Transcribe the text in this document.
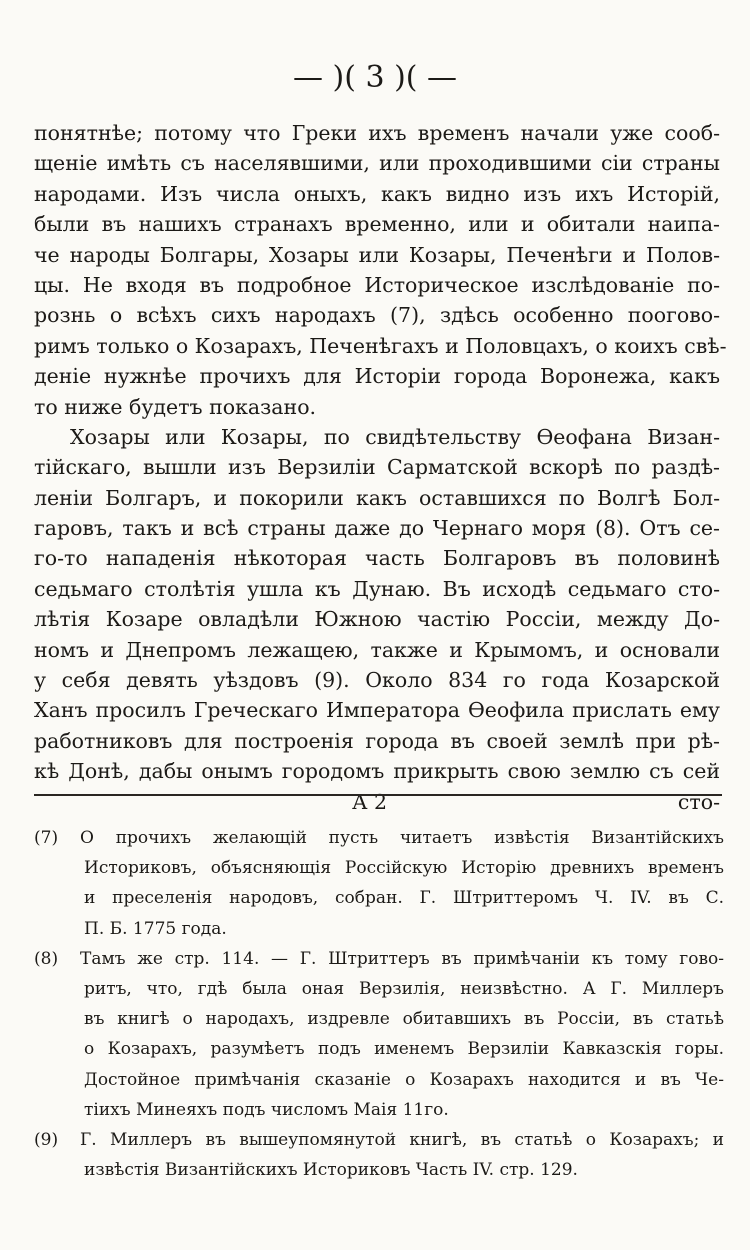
— )( 3 )( —
понятнѣе; потому что Греки ихъ временъ начали уже сооб-
щенiе имѣть съ населявшими, или проходившими сiи страны
народами. Изъ числа оныхъ, какъ видно изъ ихъ Исторiй,
были въ нашихъ странахъ временно, или и обитали наипа-
че народы Болгары, Хозары или Козары, Печенѣги и Полов-
цы. Не входя въ подробное Историческое изслѣдованiе по-
рознь о всѣхъ сихъ народахъ (7), здѣсь особенно поогово-
римъ только о Козарахъ, Печенѣгахъ и Половцахъ, о коихъ свѣ-
денiе нужнѣе прочихъ для Исторiи города Воронежа, какъ
то ниже будетъ показано.
Хозары или Козары, по свидѣтельству Ѳеофана Визан-
тiйскаго, вышли изъ Верзилiи Сарматской вскорѣ по раздѣ-
ленiи Болгаръ, и покорили какъ оставшихся по Волгѣ Бол-
гаровъ, такъ и всѣ страны даже до Чернаго моря (8). Отъ се-
го-то нападенiя нѣкоторая часть Болгаровъ въ половинѣ
седьмаго столѣтiя ушла къ Дунаю. Въ исходѣ седьмаго сто-
лѣтiя Козаре овладѣли Южною частiю Россiи, между До-
номъ и Днепромъ лежащею, также и Крымомъ, и основали
у себя девять уѣздовъ (9). Около 834 го года Козарской
Ханъ просилъ Греческаго Императора Ѳеофила прислать ему
работниковъ для построенiя города въ своей землѣ при рѣ-
кѣ Донѣ, дабы онымъ городомъ прикрыть свою землю съ сей
А 2	сто-
(7) О прочихъ желающiй пусть читаетъ извѣстiя Византiйскихъ
Историковъ, объясняющiя Россiйскую Исторiю древнихъ временъ
и преселенiя народовъ, собран. Г. Штриттеромъ Ч. IV. въ С.
П. Б. 1775 года.
(8) Тамъ же стр. 114. — Г. Штриттеръ въ примѣчанiи къ тому гово-
ритъ, что, гдѣ была оная Верзилiя, неизвѣстно. А Г. Миллеръ
въ книгѣ о народахъ, издревле обитавшихъ въ Россiи, въ статьѣ
о Козарахъ, разумѣетъ подъ именемъ Верзилiи Кавказскiя горы.
Достойное примѣчанiя сказанiе о Козарахъ находится и въ Че-
тiихъ Минеяхъ подъ числомъ Маiя 11го.
(9) Г. Миллеръ въ вышеупомянутой книгѣ, въ статьѣ о Козарахъ; и
извѣстiя Византiйскихъ Историковъ Часть IV. стр. 129.
